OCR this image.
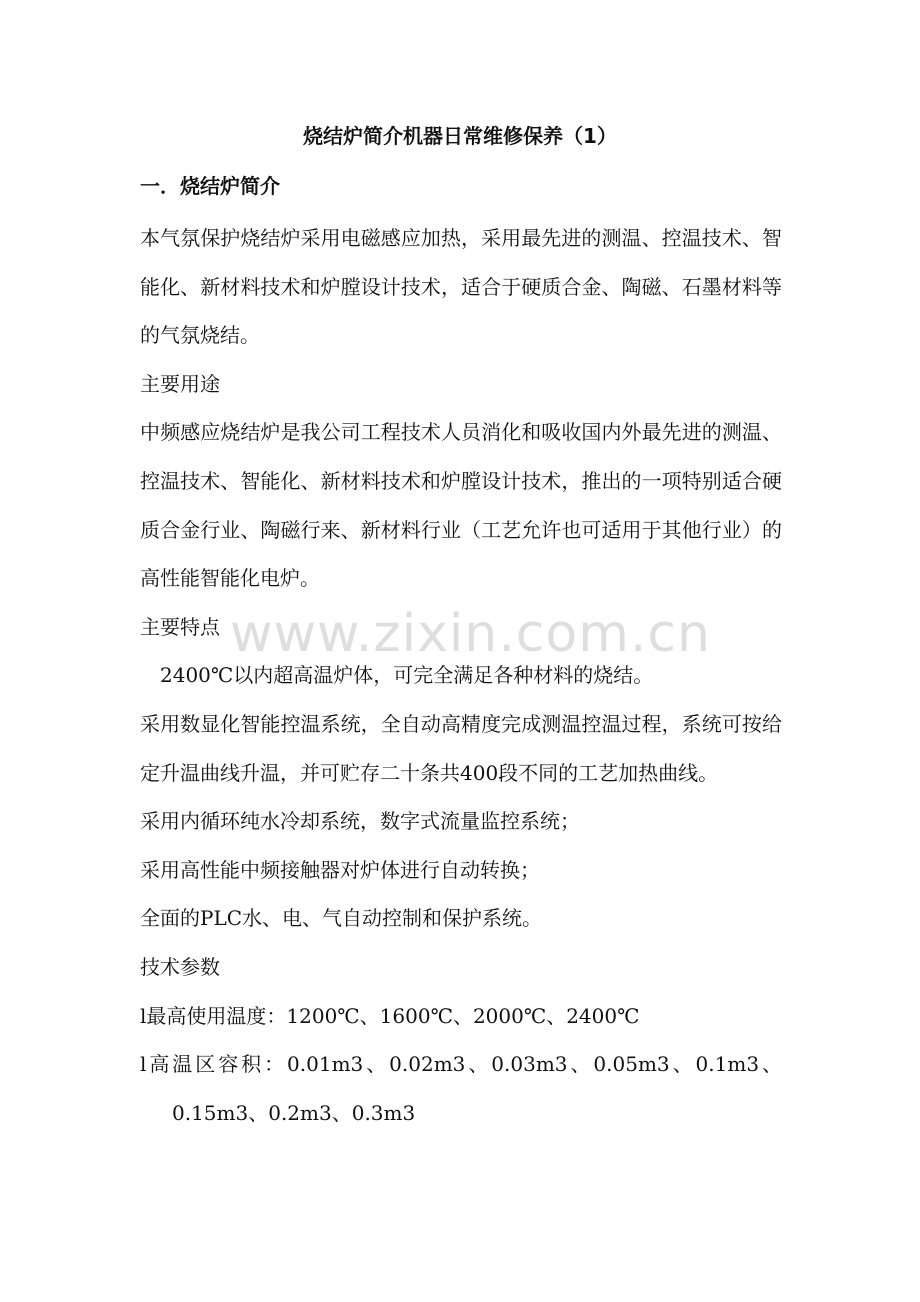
烧结炉简介机器日常维修保养（1）
一．烧结炉简介

本气氛保护烧结炉采用电磁感应加热，采用最先进的测温、控温技术、智能化、新材料技术和炉膛设计技术，适合于硬质合金、陶磁、石墨材料等的气氛烧结。

主要用途

中频感应烧结炉是我公司工程技术人员消化和吸收国内外最先进的测温、控温技术、智能化、新材料技术和炉膛设计技术，推出的一项特别适合硬质合金行业、陶磁行来、新材料行业（工艺允许也可适用于其他行业）的高性能智能化电炉。

主要特点

2400℃以内超高温炉体，可完全满足各种材料的烧结。

采用数显化智能控温系统，全自动高精度完成测温控温过程，系统可按给定升温曲线升温，并可贮存二十条共400段不同的工艺加热曲线。

采用内循环纯水冷却系统，数字式流量监控系统；

采用高性能中频接触器对炉体进行自动转换；

全面的PLC水、电、气自动控制和保护系统。

技术参数

l最高使用温度：1200℃、1600℃、2000℃、2400℃

l高温区容积：0.01m3、0.02m3、0.03m3、0.05m3、0.1m3、0.15m3、0.2m3、0.3m3

www.zixin.com.cn
